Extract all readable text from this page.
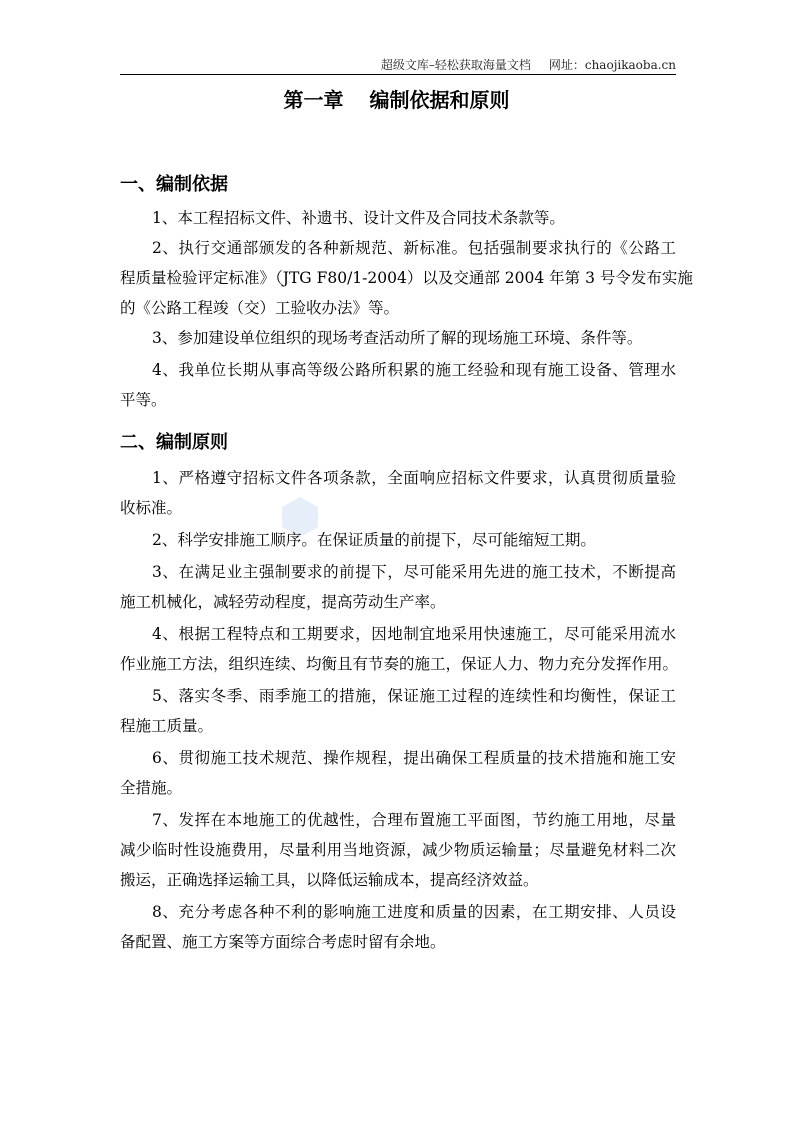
超级文库–轻松获取海量文档 网址：chaojikaoba.cn
第一章 编制依据和原则
一、编制依据
1、本工程招标文件、补遗书、设计文件及合同技术条款等。
2、执行交通部颁发的各种新规范、新标准。包括强制要求执行的《公路工
程质量检验评定标准》（JTG F80/1-2004）以及交通部 2004 年第 3 号令发布实施
的《公路工程竣（交）工验收办法》等。
3、参加建设单位组织的现场考查活动所了解的现场施工环境、条件等。
4、我单位长期从事高等级公路所积累的施工经验和现有施工设备、管理水
平等。
二、编制原则
1、严格遵守招标文件各项条款，全面响应招标文件要求，认真贯彻质量验
收标准。
2、科学安排施工顺序。在保证质量的前提下，尽可能缩短工期。
3、在满足业主强制要求的前提下，尽可能采用先进的施工技术，不断提高
施工机械化，减轻劳动程度，提高劳动生产率。
4、根据工程特点和工期要求，因地制宜地采用快速施工，尽可能采用流水
作业施工方法，组织连续、均衡且有节奏的施工，保证人力、物力充分发挥作用。
5、落实冬季、雨季施工的措施，保证施工过程的连续性和均衡性，保证工
程施工质量。
6、贯彻施工技术规范、操作规程，提出确保工程质量的技术措施和施工安
全措施。
7、发挥在本地施工的优越性，合理布置施工平面图，节约施工用地，尽量
减少临时性设施费用，尽量利用当地资源，减少物质运输量；尽量避免材料二次
搬运，正确选择运输工具，以降低运输成本，提高经济效益。
8、充分考虑各种不利的影响施工进度和质量的因素，在工期安排、人员设
备配置、施工方案等方面综合考虑时留有余地。
